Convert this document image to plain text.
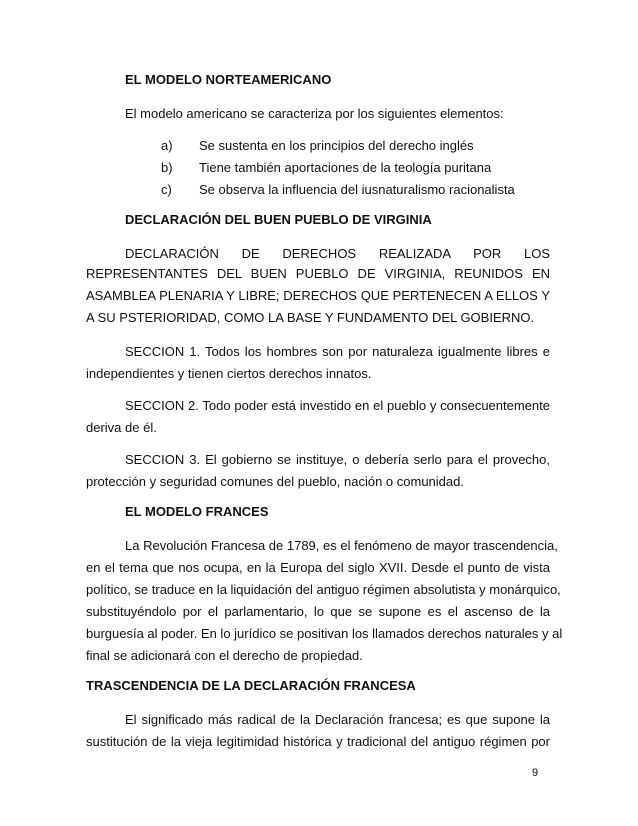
EL MODELO NORTEAMERICANO
El modelo americano se caracteriza por los siguientes elementos:
a) Se sustenta en los principios del derecho inglés
b) Tiene también aportaciones de la teología puritana
c) Se observa la influencia del iusnaturalismo racionalista
DECLARACIÓN DEL BUEN PUEBLO DE VIRGINIA
DECLARACIÓN DE DERECHOS REALIZADA POR LOS
REPRESENTANTES DEL BUEN PUEBLO DE VIRGINIA, REUNIDOS EN
ASAMBLEA PLENARIA Y LIBRE; DERECHOS QUE PERTENECEN A ELLOS Y
A SU PSTERIORIDAD, COMO LA BASE Y FUNDAMENTO DEL GOBIERNO.
SECCION 1. Todos los hombres son por naturaleza igualmente libres e
independientes y tienen ciertos derechos innatos.
SECCION 2. Todo poder está investido en el pueblo y consecuentemente
deriva de él.
SECCION 3. El gobierno se instituye, o debería serlo para el provecho,
protección y seguridad comunes del pueblo, nación o comunidad.
EL MODELO FRANCES
La Revolución Francesa de 1789, es el fenómeno de mayor trascendencia,
en el tema que nos ocupa, en la Europa del siglo XVII. Desde el punto de vista
político, se traduce en la liquidación del antiguo régimen absolutista y monárquico,
substituyéndolo por el parlamentario, lo que se supone es el ascenso de la
burguesía al poder. En lo jurídico se positivan los llamados derechos naturales y al
final se adicionará con el derecho de propiedad.
TRASCENDENCIA DE LA DECLARACIÓN FRANCESA
El significado más radical de la Declaración francesa; es que supone la
sustitución de la vieja legitimidad histórica y tradicional del antiguo régimen por
9
